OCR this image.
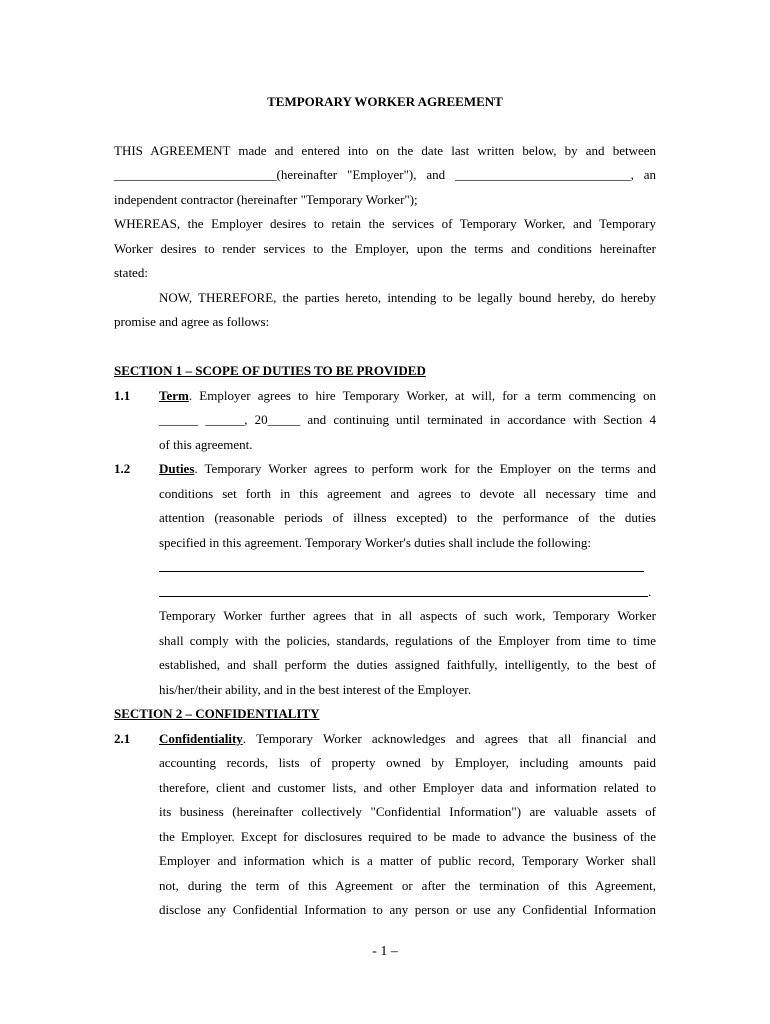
TEMPORARY WORKER AGREEMENT
THIS AGREEMENT made and entered into on the date last written below, by and between
_________________________(hereinafter "Employer"), and ___________________________, an
independent contractor (hereinafter "Temporary Worker");
WHEREAS, the Employer desires to retain the services of Temporary Worker, and Temporary
Worker desires to render services to the Employer, upon the terms and conditions hereinafter
stated:
NOW, THEREFORE, the parties hereto, intending to be legally bound hereby, do hereby
promise and agree as follows:
SECTION 1 – SCOPE OF DUTIES TO BE PROVIDED
1.1 Term. Employer agrees to hire Temporary Worker, at will, for a term commencing on
______ ______, 20_____ and continuing until terminated in accordance with Section 4
of this agreement.
1.2 Duties. Temporary Worker agrees to perform work for the Employer on the terms and
conditions set forth in this agreement and agrees to devote all necessary time and
attention (reasonable periods of illness excepted) to the performance of the duties
specified in this agreement. Temporary Worker's duties shall include the following:
.
Temporary Worker further agrees that in all aspects of such work, Temporary Worker
shall comply with the policies, standards, regulations of the Employer from time to time
established, and shall perform the duties assigned faithfully, intelligently, to the best of
his/her/their ability, and in the best interest of the Employer.
SECTION 2 – CONFIDENTIALITY
2.1 Confidentiality. Temporary Worker acknowledges and agrees that all financial and
accounting records, lists of property owned by Employer, including amounts paid
therefore, client and customer lists, and other Employer data and information related to
its business (hereinafter collectively "Confidential Information") are valuable assets of
the Employer. Except for disclosures required to be made to advance the business of the
Employer and information which is a matter of public record, Temporary Worker shall
not, during the term of this Agreement or after the termination of this Agreement,
disclose any Confidential Information to any person or use any Confidential Information
- 1 –
